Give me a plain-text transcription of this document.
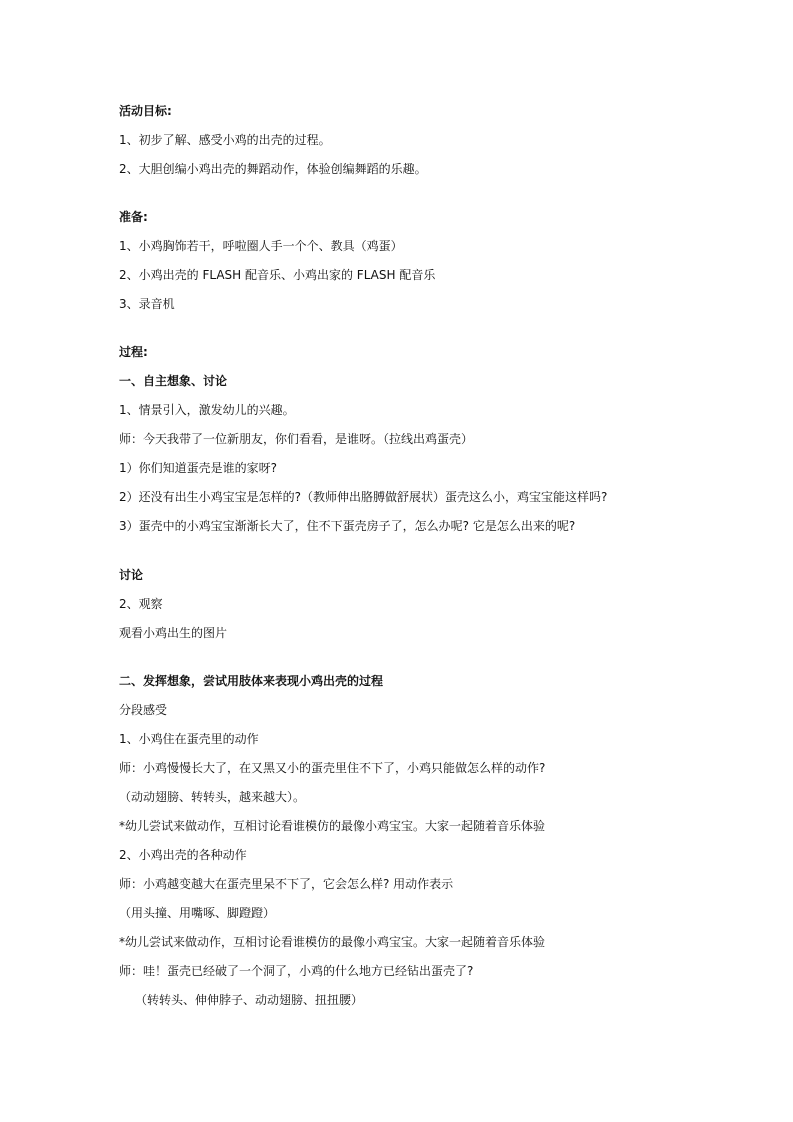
活动目标:
1、初步了解、感受小鸡的出壳的过程。
2、大胆创编小鸡出壳的舞蹈动作，体验创编舞蹈的乐趣。
准备:
1、小鸡胸饰若干，呼啦圈人手一个个、教具（鸡蛋）
2、小鸡出壳的 FLASH 配音乐、小鸡出家的 FLASH 配音乐
3、录音机
过程:
一、自主想象、讨论
1、情景引入，激发幼儿的兴趣。
师：今天我带了一位新朋友，你们看看，是谁呀。（拉线出鸡蛋壳）
1）你们知道蛋壳是谁的家呀?
2）还没有出生小鸡宝宝是怎样的?（教师伸出胳膊做舒展状）蛋壳这么小，鸡宝宝能这样吗?
3）蛋壳中的小鸡宝宝渐渐长大了，住不下蛋壳房子了，怎么办呢? 它是怎么出来的呢?
讨论
2、观察
观看小鸡出生的图片
二、发挥想象，尝试用肢体来表现小鸡出壳的过程
分段感受
1、小鸡住在蛋壳里的动作
师：小鸡慢慢长大了，在又黑又小的蛋壳里住不下了，小鸡只能做怎么样的动作?
（动动翅膀、转转头，越来越大）。
*幼儿尝试来做动作，互相讨论看谁模仿的最像小鸡宝宝。大家一起随着音乐体验
2、小鸡出壳的各种动作
师：小鸡越变越大在蛋壳里呆不下了，它会怎么样? 用动作表示
（用头撞、用嘴啄、脚蹬蹬）
*幼儿尝试来做动作，互相讨论看谁模仿的最像小鸡宝宝。大家一起随着音乐体验
师：哇！蛋壳已经破了一个洞了，小鸡的什么地方已经钻出蛋壳了?
（转转头、伸伸脖子、动动翅膀、扭扭腰）
